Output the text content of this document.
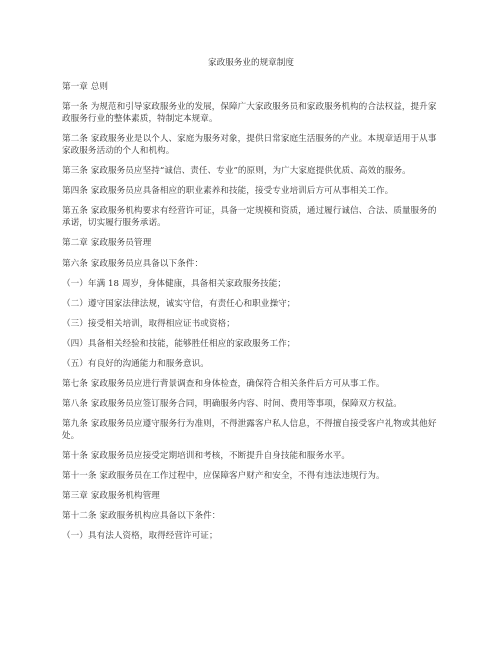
家政服务业的规章制度

第一章 总则

第一条 为规范和引导家政服务业的发展，保障广大家政服务员和家政服务机构的合法权益，提升家政服务行业的整体素质，特制定本规章。

第二条 家政服务业是以个人、家庭为服务对象，提供日常家庭生活服务的产业。本规章适用于从事家政服务活动的个人和机构。

第三条 家政服务员应坚持“诚信、责任、专业”的原则，为广大家庭提供优质、高效的服务。

第四条 家政服务员应具备相应的职业素养和技能，接受专业培训后方可从事相关工作。

第五条 家政服务机构要求有经营许可证，具备一定规模和资质，通过履行诚信、合法、质量服务的承诺，切实履行服务承诺。

第二章 家政服务员管理

第六条 家政服务员应具备以下条件：

（一）年满 18 周岁，身体健康，具备相关家政服务技能；

（二）遵守国家法律法规，诚实守信，有责任心和职业操守；

（三）接受相关培训，取得相应证书或资格；

（四）具备相关经验和技能，能够胜任相应的家政服务工作；

（五）有良好的沟通能力和服务意识。

第七条 家政服务员应进行背景调查和身体检查，确保符合相关条件后方可从事工作。

第八条 家政服务员应签订服务合同，明确服务内容、时间、费用等事项，保障双方权益。

第九条 家政服务员应遵守服务行为准则，不得泄露客户私人信息，不得擅自接受客户礼物或其他好处。

第十条 家政服务员应接受定期培训和考核，不断提升自身技能和服务水平。

第十一条 家政服务员在工作过程中，应保障客户财产和安全，不得有违法违规行为。

第三章 家政服务机构管理

第十二条 家政服务机构应具备以下条件：

（一）具有法人资格，取得经营许可证；
